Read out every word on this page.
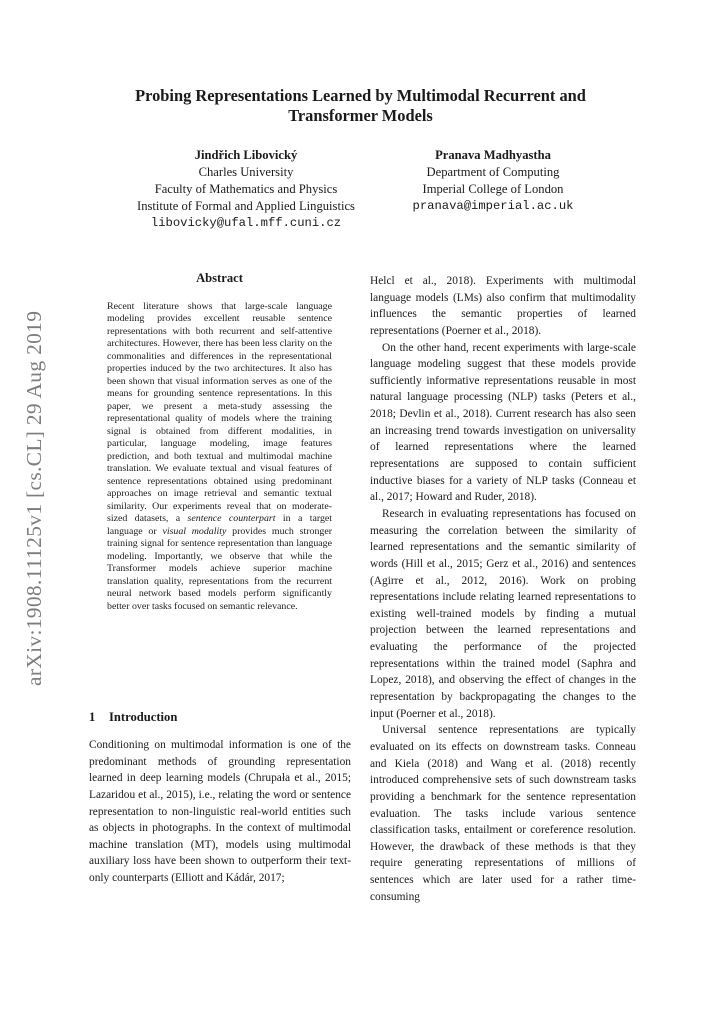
arXiv:1908.11125v1 [cs.CL] 29 Aug 2019
Probing Representations Learned by Multimodal Recurrent and
Transformer Models
Jindřich Libovický
Charles University
Faculty of Mathematics and Physics
Institute of Formal and Applied Linguistics
libovicky@ufal.mff.cuni.cz
Pranava Madhyastha
Department of Computing
Imperial College of London
pranava@imperial.ac.uk
Abstract
Recent literature shows that large-scale language modeling provides excellent reusable sentence representations with both recurrent and self-attentive architectures. However, there has been less clarity on the commonalities and differences in the representational properties induced by the two architectures. It also has been shown that visual information serves as one of the means for grounding sentence representations. In this paper, we present a meta-study assessing the representational quality of models where the training signal is obtained from different modalities, in particular, language modeling, image features prediction, and both textual and multimodal machine translation. We evaluate textual and visual features of sentence representations obtained using predominant approaches on image retrieval and semantic textual similarity. Our experiments reveal that on moderate-sized datasets, a sentence counterpart in a target language or visual modality provides much stronger training signal for sentence representation than language modeling. Importantly, we observe that while the Transformer models achieve superior machine translation quality, representations from the recurrent neural network based models perform significantly better over tasks focused on semantic relevance.
1 Introduction

Conditioning on multimodal information is one of the predominant methods of grounding representation learned in deep learning models (Chrupała et al., 2015; Lazaridou et al., 2015), i.e., relating the word or sentence representation to non-linguistic real-world entities such as objects in photographs. In the context of multimodal machine translation (MT), models using multimodal auxiliary loss have been shown to outperform their text-only counterparts (Elliott and Kádár, 2017;

Helcl et al., 2018). Experiments with multimodal language models (LMs) also confirm that multimodality influences the semantic properties of learned representations (Poerner et al., 2018).

On the other hand, recent experiments with large-scale language modeling suggest that these models provide sufficiently informative representations reusable in most natural language processing (NLP) tasks (Peters et al., 2018; Devlin et al., 2018). Current research has also seen an increasing trend towards investigation on universality of learned representations where the learned representations are supposed to contain sufficient inductive biases for a variety of NLP tasks (Conneau et al., 2017; Howard and Ruder, 2018).

Research in evaluating representations has focused on measuring the correlation between the similarity of learned representations and the semantic similarity of words (Hill et al., 2015; Gerz et al., 2016) and sentences (Agirre et al., 2012, 2016). Work on probing representations include relating learned representations to existing well-trained models by finding a mutual projection between the learned representations and evaluating the performance of the projected representations within the trained model (Saphra and Lopez, 2018), and observing the effect of changes in the representation by backpropagating the changes to the input (Poerner et al., 2018).

Universal sentence representations are typically evaluated on its effects on downstream tasks. Conneau and Kiela (2018) and Wang et al. (2018) recently introduced comprehensive sets of such downstream tasks providing a benchmark for the sentence representation evaluation. The tasks include various sentence classification tasks, entailment or coreference resolution. However, the drawback of these methods is that they require generating representations of millions of sentences which are later used for a rather time-consuming
